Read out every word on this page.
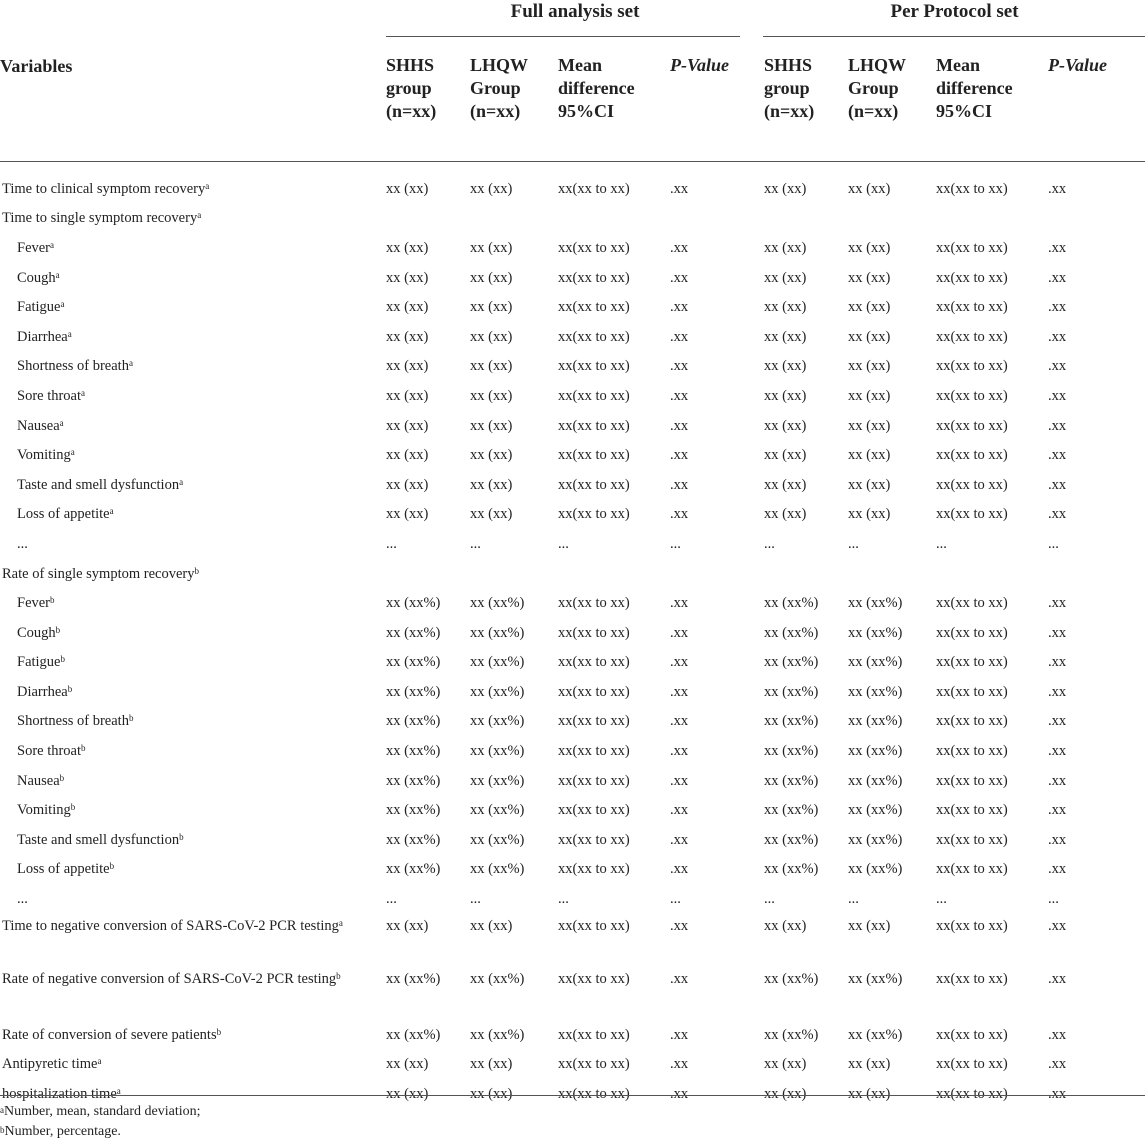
	Full analysis set				Per Protocol set			
Variables	SHHS group (n=xx)	LHQW Group (n=xx)	Mean difference 95%CI	P-Value	SHHS group (n=xx)	LHQW Group (n=xx)	Mean difference 95%CI	P-Value
Time to clinical symptom recovery$^a$	xx (xx)	xx (xx)	xx(xx to xx)	.xx	xx (xx)	xx (xx)	xx(xx to xx)	.xx
Time to single symptom recovery$^a$								
Fever$^a$	xx (xx)	xx (xx)	xx(xx to xx)	.xx	xx (xx)	xx (xx)	xx(xx to xx)	.xx
Cough$^a$	xx (xx)	xx (xx)	xx(xx to xx)	.xx	xx (xx)	xx (xx)	xx(xx to xx)	.xx
Fatigue$^a$	xx (xx)	xx (xx)	xx(xx to xx)	.xx	xx (xx)	xx (xx)	xx(xx to xx)	.xx
Diarrhea$^a$	xx (xx)	xx (xx)	xx(xx to xx)	.xx	xx (xx)	xx (xx)	xx(xx to xx)	.xx
Shortness of breath$^a$	xx (xx)	xx (xx)	xx(xx to xx)	.xx	xx (xx)	xx (xx)	xx(xx to xx)	.xx
Sore throat$^a$	xx (xx)	xx (xx)	xx(xx to xx)	.xx	xx (xx)	xx (xx)	xx(xx to xx)	.xx
Nausea$^a$	xx (xx)	xx (xx)	xx(xx to xx)	.xx	xx (xx)	xx (xx)	xx(xx to xx)	.xx
Vomiting$^a$	xx (xx)	xx (xx)	xx(xx to xx)	.xx	xx (xx)	xx (xx)	xx(xx to xx)	.xx
Taste and smell dysfunction$^a$	xx (xx)	xx (xx)	xx(xx to xx)	.xx	xx (xx)	xx (xx)	xx(xx to xx)	.xx
Loss of appetite$^a$	xx (xx)	xx (xx)	xx(xx to xx)	.xx	xx (xx)	xx (xx)	xx(xx to xx)	.xx
...	...	...	...	...	...	...	...	...
Rate of single symptom recovery$^b$								
Fever$^b$	xx (xx%)	xx (xx%)	xx(xx to xx)	.xx	xx (xx%)	xx (xx%)	xx(xx to xx)	.xx
Cough$^b$	xx (xx%)	xx (xx%)	xx(xx to xx)	.xx	xx (xx%)	xx (xx%)	xx(xx to xx)	.xx
Fatigue$^b$	xx (xx%)	xx (xx%)	xx(xx to xx)	.xx	xx (xx%)	xx (xx%)	xx(xx to xx)	.xx
Diarrhea$^b$	xx (xx%)	xx (xx%)	xx(xx to xx)	.xx	xx (xx%)	xx (xx%)	xx(xx to xx)	.xx
Shortness of breath$^b$	xx (xx%)	xx (xx%)	xx(xx to xx)	.xx	xx (xx%)	xx (xx%)	xx(xx to xx)	.xx
Sore throat$^b$	xx (xx%)	xx (xx%)	xx(xx to xx)	.xx	xx (xx%)	xx (xx%)	xx(xx to xx)	.xx
Nausea$^b$	xx (xx%)	xx (xx%)	xx(xx to xx)	.xx	xx (xx%)	xx (xx%)	xx(xx to xx)	.xx
Vomiting$^b$	xx (xx%)	xx (xx%)	xx(xx to xx)	.xx	xx (xx%)	xx (xx%)	xx(xx to xx)	.xx
Taste and smell dysfunction$^b$	xx (xx%)	xx (xx%)	xx(xx to xx)	.xx	xx (xx%)	xx (xx%)	xx(xx to xx)	.xx
Loss of appetite$^b$	xx (xx%)	xx (xx%)	xx(xx to xx)	.xx	xx (xx%)	xx (xx%)	xx(xx to xx)	.xx
...	...	...	...	...	...	...	...	...
Time to negative conversion of SARS-CoV-2 PCR testing$^a$	xx (xx)	xx (xx)	xx(xx to xx)	.xx	xx (xx)	xx (xx)	xx(xx to xx)	.xx
Rate of negative conversion of SARS-CoV-2 PCR testing$^b$	xx (xx%)	xx (xx%)	xx(xx to xx)	.xx	xx (xx%)	xx (xx%)	xx(xx to xx)	.xx
Rate of conversion of severe patients$^b$	xx (xx%)	xx (xx%)	xx(xx to xx)	.xx	xx (xx%)	xx (xx%)	xx(xx to xx)	.xx
Antipyretic time$^a$	xx (xx)	xx (xx)	xx(xx to xx)	.xx	xx (xx)	xx (xx)	xx(xx to xx)	.xx
hospitalization time$^a$	xx (xx)	xx (xx)	xx(xx to xx)	.xx	xx (xx)	xx (xx)	xx(xx to xx)	.xx
$^a$Number, mean, standard deviation;
$^b$Number, percentage.
